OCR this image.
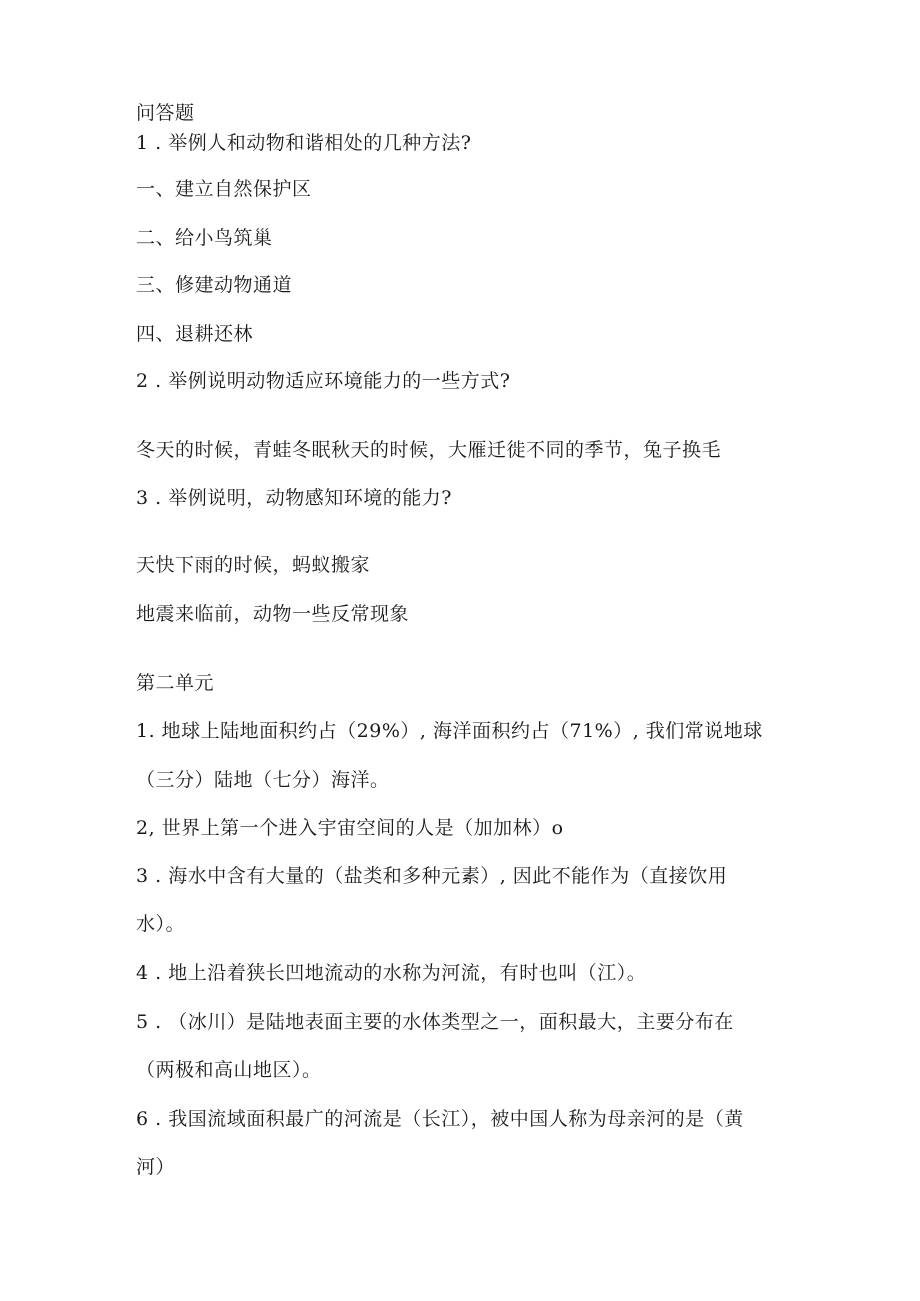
问答题
1 . 举例人和动物和谐相处的几种方法?
一、建立自然保护区
二、给小鸟筑巢
三、修建动物通道
四、退耕还林
2 . 举例说明动物适应环境能力的一些方式?
冬天的时候，青蛙冬眠秋天的时候，大雁迁徙不同的季节，兔子换毛
3 . 举例说明，动物感知环境的能力?
天快下雨的时候，蚂蚁搬家
地震来临前，动物一些反常现象
第二单元
1. 地球上陆地面积约占（29%）, 海洋面积约占（71%）, 我们常说地球
（三分）陆地（七分）海洋。
2, 世界上第一个进入宇宙空间的人是（加加林）o
3 . 海水中含有大量的（盐类和多种元素）, 因此不能作为（直接饮用
水）。
4 . 地上沿着狭长凹地流动的水称为河流，有时也叫（江）。
5 . （冰川）是陆地表面主要的水体类型之一，面积最大，主要分布在
（两极和高山地区）。
6 . 我国流域面积最广的河流是（长江），被中国人称为母亲河的是（黄
河）
